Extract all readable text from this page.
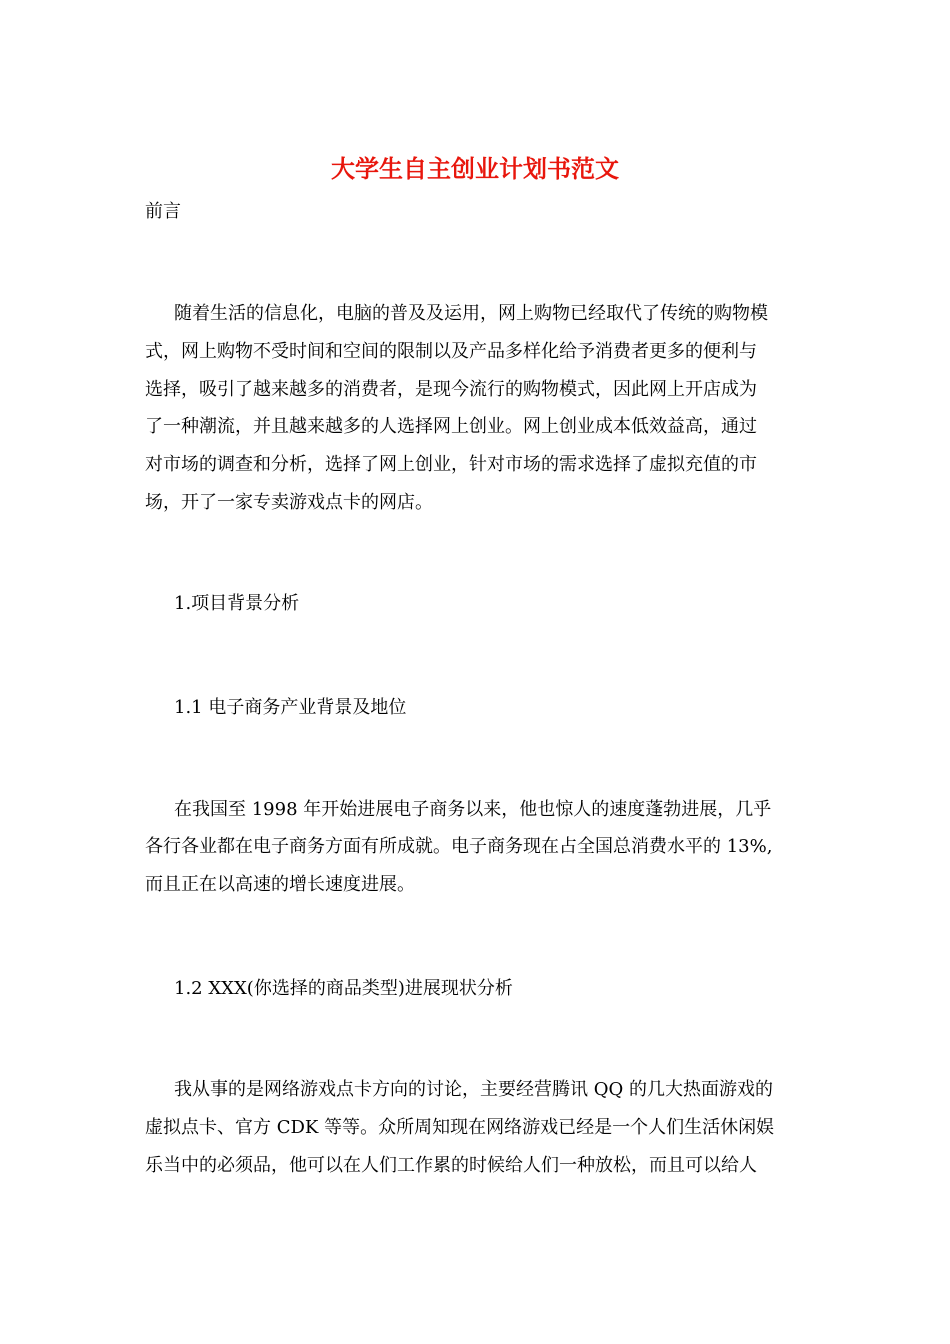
大学生自主创业计划书范文
前言
随着生活的信息化，电脑的普及及运用，网上购物已经取代了传统的购物模
式，网上购物不受时间和空间的限制以及产品多样化给予消费者更多的便利与
选择，吸引了越来越多的消费者，是现今流行的购物模式，因此网上开店成为
了一种潮流，并且越来越多的人选择网上创业。网上创业成本低效益高，通过
对市场的调查和分析，选择了网上创业，针对市场的需求选择了虚拟充值的市
场，开了一家专卖游戏点卡的网店。
1.项目背景分析
1.1 电子商务产业背景及地位
在我国至 1998 年开始进展电子商务以来，他也惊人的速度蓬勃进展，几乎
各行各业都在电子商务方面有所成就。电子商务现在占全国总消费水平的 13%,
而且正在以高速的增长速度进展。
1.2 XXX(你选择的商品类型)进展现状分析
我从事的是网络游戏点卡方向的讨论，主要经营腾讯 QQ 的几大热面游戏的
虚拟点卡、官方 CDK 等等。众所周知现在网络游戏已经是一个人们生活休闲娱
乐当中的必须品，他可以在人们工作累的时候给人们一种放松，而且可以给人
